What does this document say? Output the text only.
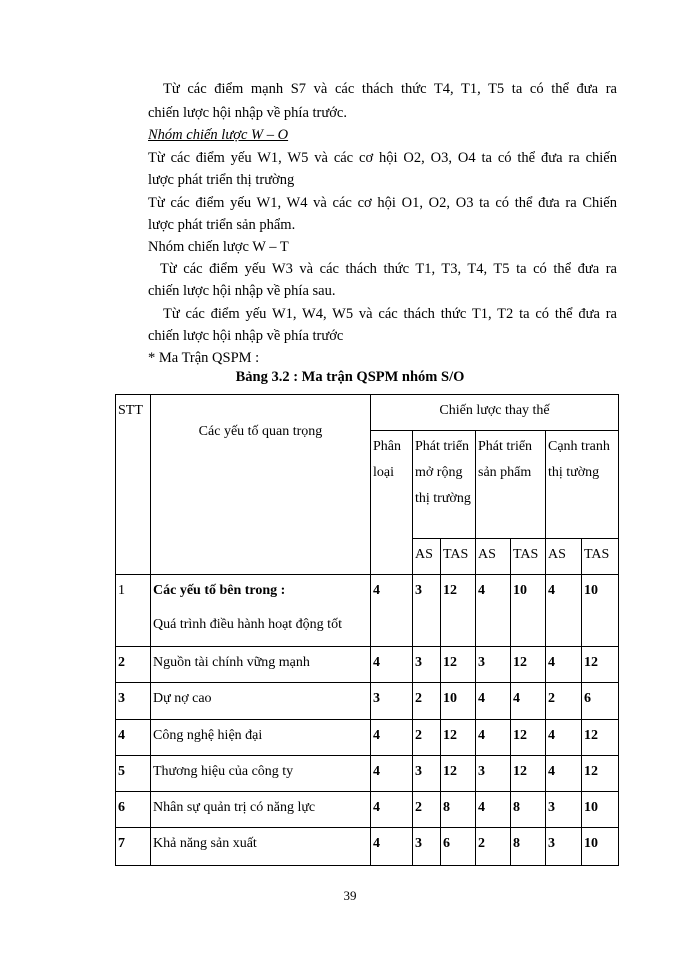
Từ các điểm mạnh S7 và các thách thức T4, T1, T5 ta có thể đưa ra

chiến lược hội nhập về phía trước.

Nhóm chiến lược W – O

Từ các điểm yếu W1, W5 và các cơ hội O2, O3, O4 ta có thể đưa ra chiến

lược phát triển thị trường

Từ các điểm yếu W1, W4 và các cơ hội O1, O2, O3 ta có thể đưa ra Chiến

lược phát triển sản phẩm.

Nhóm chiến lược W – T

Từ các điểm yếu W3 và các thách thức T1, T3, T4, T5 ta có thể đưa ra

chiến lược hội nhập về phía sau.

Từ các điểm yếu W1, W4, W5 và các thách thức T1, T2 ta có thể đưa ra

chiến lược hội nhập về phía trước

* Ma Trận QSPM :

Bảng 3.2 : Ma trận QSPM nhóm S/O

STT	Các yếu tố quan trọng	Chiến lược thay thế						
		Phân loại	Phát triển mở rộng thị trường		Phát triển sản phẩm		Cạnh tranh thị tường	
			AS	TAS	AS	TAS	AS	TAS
1	Các yếu tố bên trong :
Quá trình điều hành hoạt động tốt	4	3	12	4	10	4	10
2	Nguồn tài chính vững mạnh	4	3	12	3	12	4	12
3	Dự nợ cao	3	2	10	4	4	2	6
4	Công nghệ hiện đại	4	2	12	4	12	4	12
5	Thương hiệu của công ty	4	3	12	3	12	4	12
6	Nhân sự quản trị có năng lực	4	2	8	4	8	3	10
7	Khả năng sản xuất	4	3	6	2	8	3	10
39
